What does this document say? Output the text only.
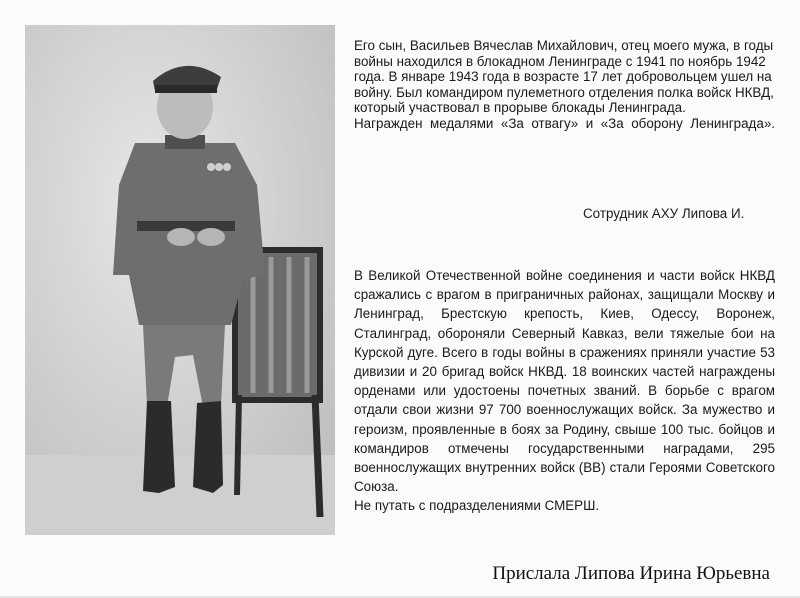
Его сын, Васильев Вячеслав Михайлович, отец моего мужа, в годы войны находился в блокадном Ленинграде с 1941 по ноябрь 1942 года. В январе 1943 года в возрасте 17 лет добровольцем ушел на войну. Был командиром пулеметного отделения полка войск НКВД, который участвовал в прорыве блокады Ленинграда.

Награжден медалями «За отвагу» и «За оборону Ленинграда».

Сотрудник АХУ Липова И.

В Великой Отечественной войне соединения и части войск НКВД сражались с врагом в приграничных районах, защищали Москву и Ленинград, Брестскую крепость, Киев, Одессу, Воронеж, Сталинград, обороняли Северный Кавказ, вели тяжелые бои на Курской дуге. Всего в годы войны в сражениях приняли участие 53 дивизии и 20 бригад войск НКВД. 18 воинских частей награждены орденами или удостоены почетных званий. В борьбе с врагом отдали свои жизни 97 700 военнослужащих войск. За мужество и героизм, проявленные в боях за Родину, свыше 100 тыс. бойцов и командиров отмечены государственными наградами, 295 военнослужащих внутренних войск (ВВ) стали Героями Советского Союза.

Не путать с подразделениями СМЕРШ.

Прислала Липова Ирина Юрьевна
